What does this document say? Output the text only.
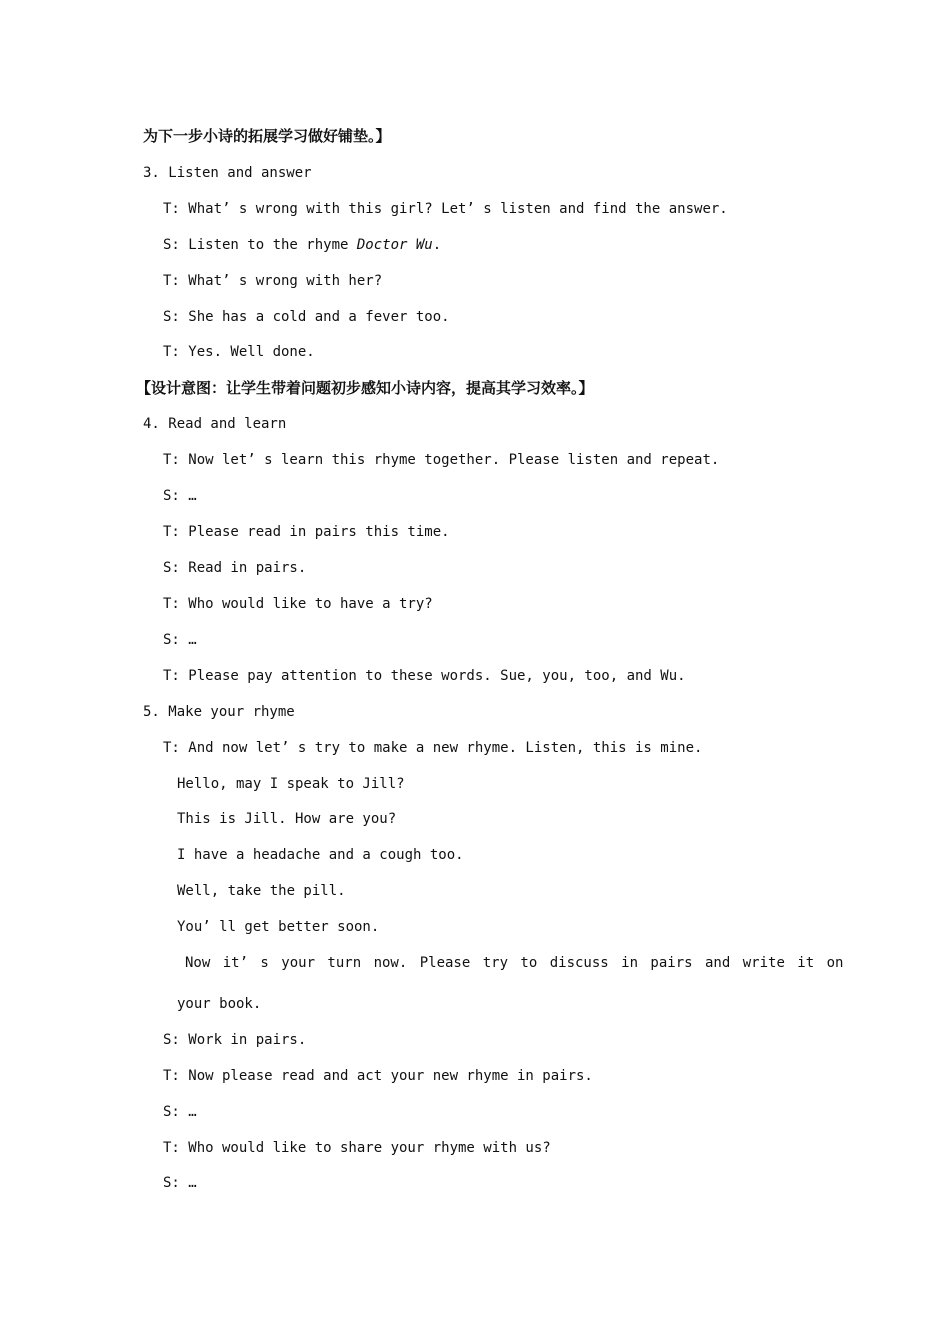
为下一步小诗的拓展学习做好铺垫。】
3. Listen and answer
T: What’ s wrong with this girl? Let’ s listen and find the answer.
S: Listen to the rhyme Doctor Wu.
T: What’ s wrong with her?
S: She has a cold and a fever too.
T: Yes. Well done.
【设计意图：让学生带着问题初步感知小诗内容，提高其学习效率。】
4. Read and learn
T: Now let’ s learn this rhyme together. Please listen and repeat.
S: …
T: Please read in pairs this time.
S: Read in pairs.
T: Who would like to have a try?
S: …
T: Please pay attention to these words. Sue, you, too, and Wu.
5. Make your rhyme
T: And now let’ s try to make a new rhyme. Listen, this is mine.
Hello, may I speak to Jill?
This is Jill. How are you?
I have a headache and a cough too.
Well, take the pill.
You’ ll get better soon.
Now it’ s your turn now. Please try to discuss in pairs and write it on
your book.
S: Work in pairs.
T: Now please read and act your new rhyme in pairs.
S: …
T: Who would like to share your rhyme with us?
S: …
